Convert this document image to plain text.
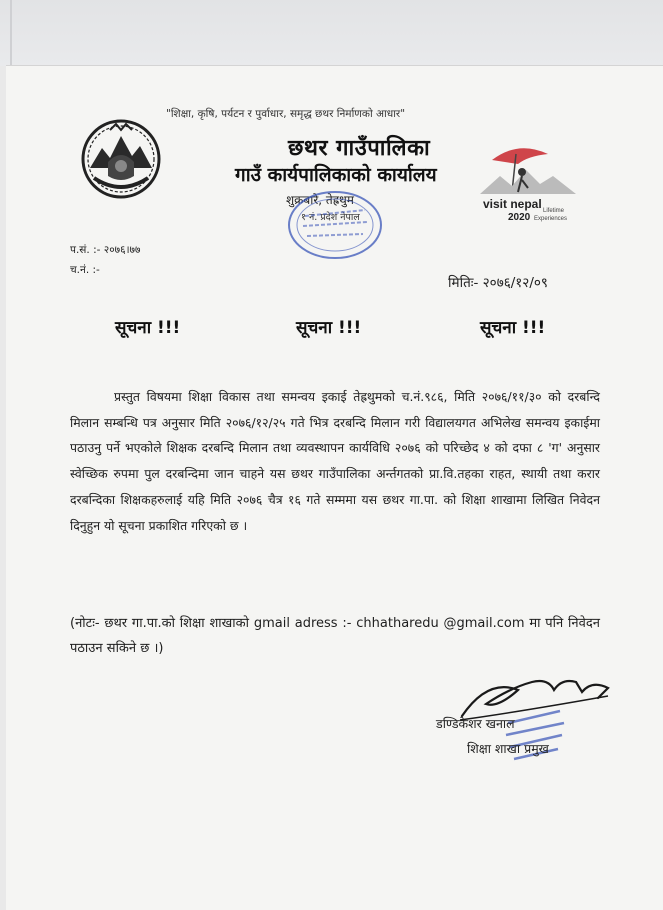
"शिक्षा, कृषि, पर्यटन र पुर्वाधार, समृद्ध छथर निर्माणको आधार"
छथर गाउँपालिका
गाउँ कार्यपालिकाको कार्यालय
शुक्रबारे, तेह्रथुम
१ नं. प्रदेश नेपाल
visit nepal
2020
Lifetime
Experiences
प.सं. :- २०७६।७७
च.नं. :-
मितिः- २०७६/१२/०९
सूचना !!!	सूचना !!!	सूचना !!!
प्रस्तुत विषयमा शिक्षा विकास तथा समन्वय इकाई तेह्रथुमको च.नं.९८६, मिति २०७६/११/३० को दरबन्दि मिलान सम्बन्धि पत्र अनुसार मिति २०७६/१२/२५ गते भित्र दरबन्दि मिलान गरी विद्यालयगत अभिलेख समन्वय इकाईमा पठाउनु पर्ने भएकोले शिक्षक दरबन्दि मिलान तथा व्यवस्थापन कार्यविधि २०७६ को परिच्छेद ४ को दफा ८ 'ग' अनुसार स्वेच्छिक रुपमा पुल दरबन्दिमा जान चाहने यस छथर गाउँपालिका अर्न्तगतको प्रा.वि.तहका राहत, स्थायी तथा करार दरबन्दिका शिक्षकहरुलाई यहि मिति २०७६ चैत्र १६ गते सम्ममा यस छथर गा.पा. को शिक्षा शाखामा लिखित निवेदन दिनुहुन यो सूचना प्रकाशित गरिएको छ ।
(नोटः- छथर गा.पा.को शिक्षा शाखाको gmail adress :- chhatharedu @gmail.com मा पनि निवेदन पठाउन सकिने छ ।)
डण्डिकेशर खनाल
शिक्षा शाखा प्रमुख
